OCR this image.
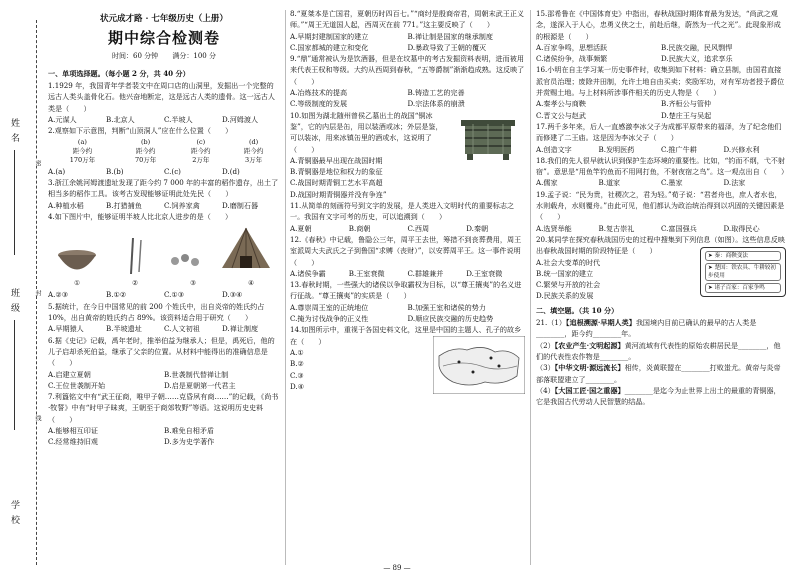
姓名
班级
学校
密
封
线
状元成才路 · 七年级历史（上册）
期中综合检测卷
时间：60 分钟 满分：100 分
一、单项选择题。（每小题 2 分，共 40 分）
1.1929 年，我国青年学者裴文中在周口店的山洞里，发掘出一个完整的远古人类头盖骨化石。他兴奋地断定，这是远古人类的遗骨。这一远古人类是（　　）
A.元谋人	B.北京人	C.半坡人	D.河姆渡人
2.观察如下示意图，判断“山顶洞人”应在什么位置（　　）
(a)	(b)	(c)	(d)
距今约	距今约	距今约	距今约
170万年	70万年	2万年	3万年
A.(a)	B.(b)	C.(c)	D.(d)
3.浙江余姚河姆渡遗址发现了距今约 7 000 年的丰富的稻作遗存，出土了相当多的稻作工具。该考古发现能够证明此处先民（　　）
A.种植水稻	B.打猎捕鱼	C.饲养家禽	D.磨制石器
4.如下图片中，能够证明半坡人比北京人进步的是（　　）
①	②	③	④
A.②③	B.①②	C.①③	D.③④
5.据统计，在今日中国常见的前 200 个姓氏中，出自炎帝的姓氏约占 10%，出自黄帝的姓氏约占 89%。该资料适合用于研究（　　）
A.早期猿人	B.半坡遗址	C.人文初祖	D.禅让制度
6.据《史记》记载，禹年老时，推举伯益为继承人；但是，禹死后，他的儿子启却杀死伯益，继承了父亲的位置。从材料中能得出的准确信息是（　　）
A.启建立夏朝	B.世袭制代替禅让制
C.王位世袭制开始	D.启是夏朝第一代君主
7.利簋铭文中有“武王征商，唯甲子朝……克昏夙有商……”的记载，《尚书·牧誓》中有“时甲子昧爽，王朝至于商郊牧野”等语。这说明历史史料（　　）
A.能够相互印证	B.难免自相矛盾
C.经常维持旧观	D.多为史学著作
8.“夏桀本是亡国君，夏朝历时四百七。”“商纣是殷商帝君，周朝末武王正义师。”“周王无道国人起，西周灭在前 771。”这主要反映了（　　）
A.早期封建制国家的建立	B.禅让制是国家的继承制度
C.国家都城的建立和变化	D.暴政导致了王朝的覆灭
9.“鼎”通常被认为是饮酒器，但是在坟墓中的考古发掘资料表明，进而被用来代表王权和等级。大约从西周到春秋，“五等爵制”渐渐趋成熟。这反映了（　　）
A.冶炼技术的提高	B.铸造工艺的完善
C.等级制度的发展	D.宗法体系的崩溃
10.如图为湖北随州曾侯乙墓出土的战国“铜冰鉴”，它的内层是缶，用以装酒或冰；外层是鉴，可以装冰，用来冰镇缶里的酒或水，这说明了（　　）
A.青铜器最早出现在战国时期
B.青铜器是地位和权力的象征
C.战国时期青铜工艺水平高超
D.战国时期青铜器并没有争连”
11.从简单的刻画符号到文字的发展，是人类进入文明时代的重要标志之一。我国有文字可考的历史，可以追溯到（　　）
A.夏朝	B.商朝	C.西周	D.秦朝
12.《春秋》中记载，鲁隐公三年，周平王去世，筹措不到丧葬费用，周王室派周大夫武氏之子到鲁国“求赙（丧财）”，以安葬周平王。这一事件说明（　　）
A.诸侯争霸	B.王室衰微	C.群雄兼并	D.王室衰微
13.春秋时期，一些强大的诸侯以争取霸权为目标，以“尊王攘夷”的名义进行征战。“尊王攘夷”的实质是（　　）
A.尊崇周王室的正统地位	B.加强王室和诸侯的势力
C.掩为讨伐战争的正义性	D.顺应民族交融的历史趋势
14.如图所示中，重视于各国史料文化，这里是中国的主题人、孔子的故乡在（　　）
A.①
B.②
C.③
D.④
15.邵希鲁在《中国体育史》中指出，春秋战国时期体育最为发达，“尚武之观念，遂深入于人心，忠勇义侠之士，前赴后继，蔚然为一代之光”。此现象形成的根源是（　　）
A.百家争鸣，思想活跃	B.民族交融，民风剽悍
C.诸侯纷争，战事频繁	D.民族大义，追求享乐
16.小明在自主学习某一历史事件时，收集到如下材料：确立县制，由国君直接派官员治理；废除井田制，允许土地自由买卖；奖励军功，对有军功者授予爵位并赏赐土地。与上材料所涉事件相关的历史人物是（　　）
A.秦孝公与商鞅	B.齐桓公与管仲
C.晋文公与赵武	D.楚庄王与吴起
17.两千多年来，后人一直感激李冰父子为成都平原带来的福泽，为了纪念他们而修建了二王庙。这是因为李冰父子（　　）
A.创造文字	B.发明医药	C.推广牛耕	D.兴修水利
18.我们的先人很早就认识到保护生态环境的重要性。比如，“钓而不纲，弋不射宿”。意思是“用鱼竿钓鱼而不用网打鱼，不射夜宿之鸟”。这一观点出自（　　）
A.儒家	B.道家	C.墨家	D.法家
19.孟子说：“民为贵，社稷次之，君为轻。”荀子说：“君者舟也，庶人者水也，水则载舟，水则覆舟。”由此可见，他们都认为政治统治得到以巩固的关键因素是（　　）
A.选贤举能	B.复古崇礼	C.富国强兵	D.取得民心
20.某同学在探究春秋战国历史的过程中搜集到下列信息（如图）。这些信息反映出春秋战国时期的阶段特征是（　　）
➤ 秦：商鞅变法
➤ 楚国：铁农具、牛耕较初步使用
➤ 诸子百家：百家争鸣
A.社会大变革的时代
B.统一国家的建立
C.繁荣与开放的社会
D.民族关系的发展
二、填空题。（共 10 分）
21.（1）【追根溯源·早期人类】我国境内目前已确认的最早的古人类是________，距今约________年。
（2）【农业产生·文明起源】黄河流域有代表性的原始农耕居民是________，他们的代表性农作物是________。
（3）【中华文明·源远流长】相传，炎黄联盟在________打败蚩尤。黄帝与炎帝部落联盟建立了________。
（4）【大国工匠·国之重器】________是迄今为止世界上出土的最重的青铜器，它是我国古代劳动人民智慧的结晶。
— 89 —
